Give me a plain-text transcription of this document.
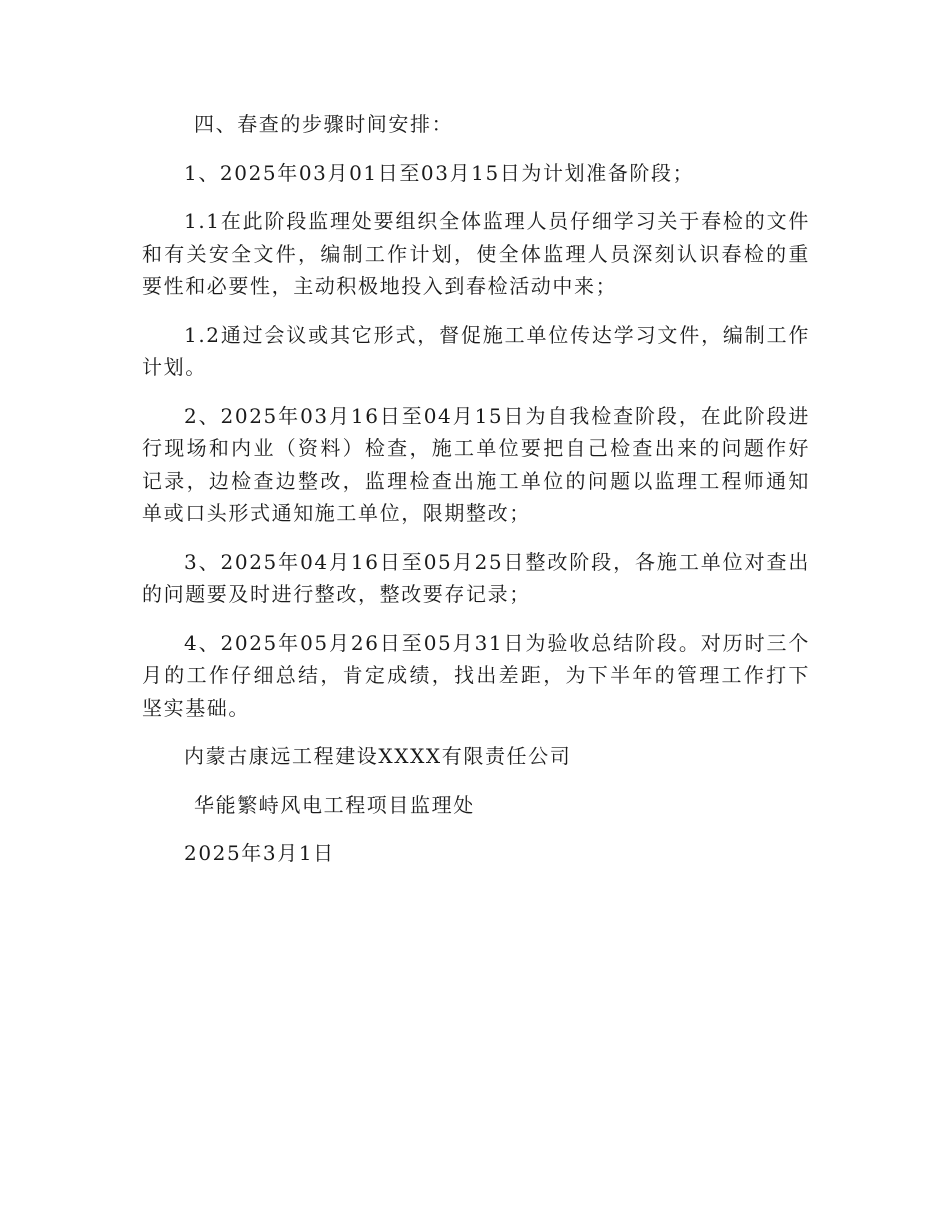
四、春查的步骤时间安排：

1、2025年03月01日至03月15日为计划准备阶段；

1.1在此阶段监理处要组织全体监理人员仔细学习关于春检的文件和有关安全文件，编制工作计划，使全体监理人员深刻认识春检的重要性和必要性，主动积极地投入到春检活动中来；

1.2通过会议或其它形式，督促施工单位传达学习文件，编制工作计划。

2、2025年03月16日至04月15日为自我检查阶段，在此阶段进行现场和内业（资料）检查，施工单位要把自己检查出来的问题作好记录，边检查边整改，监理检查出施工单位的问题以监理工程师通知单或口头形式通知施工单位，限期整改；

3、2025年04月16日至05月25日整改阶段，各施工单位对查出的问题要及时进行整改，整改要存记录；

4、2025年05月26日至05月31日为验收总结阶段。对历时三个月的工作仔细总结，肯定成绩，找出差距，为下半年的管理工作打下坚实基础。

内蒙古康远工程建设XXXX有限责任公司

华能繁峙风电工程项目监理处

2025年3月1日
